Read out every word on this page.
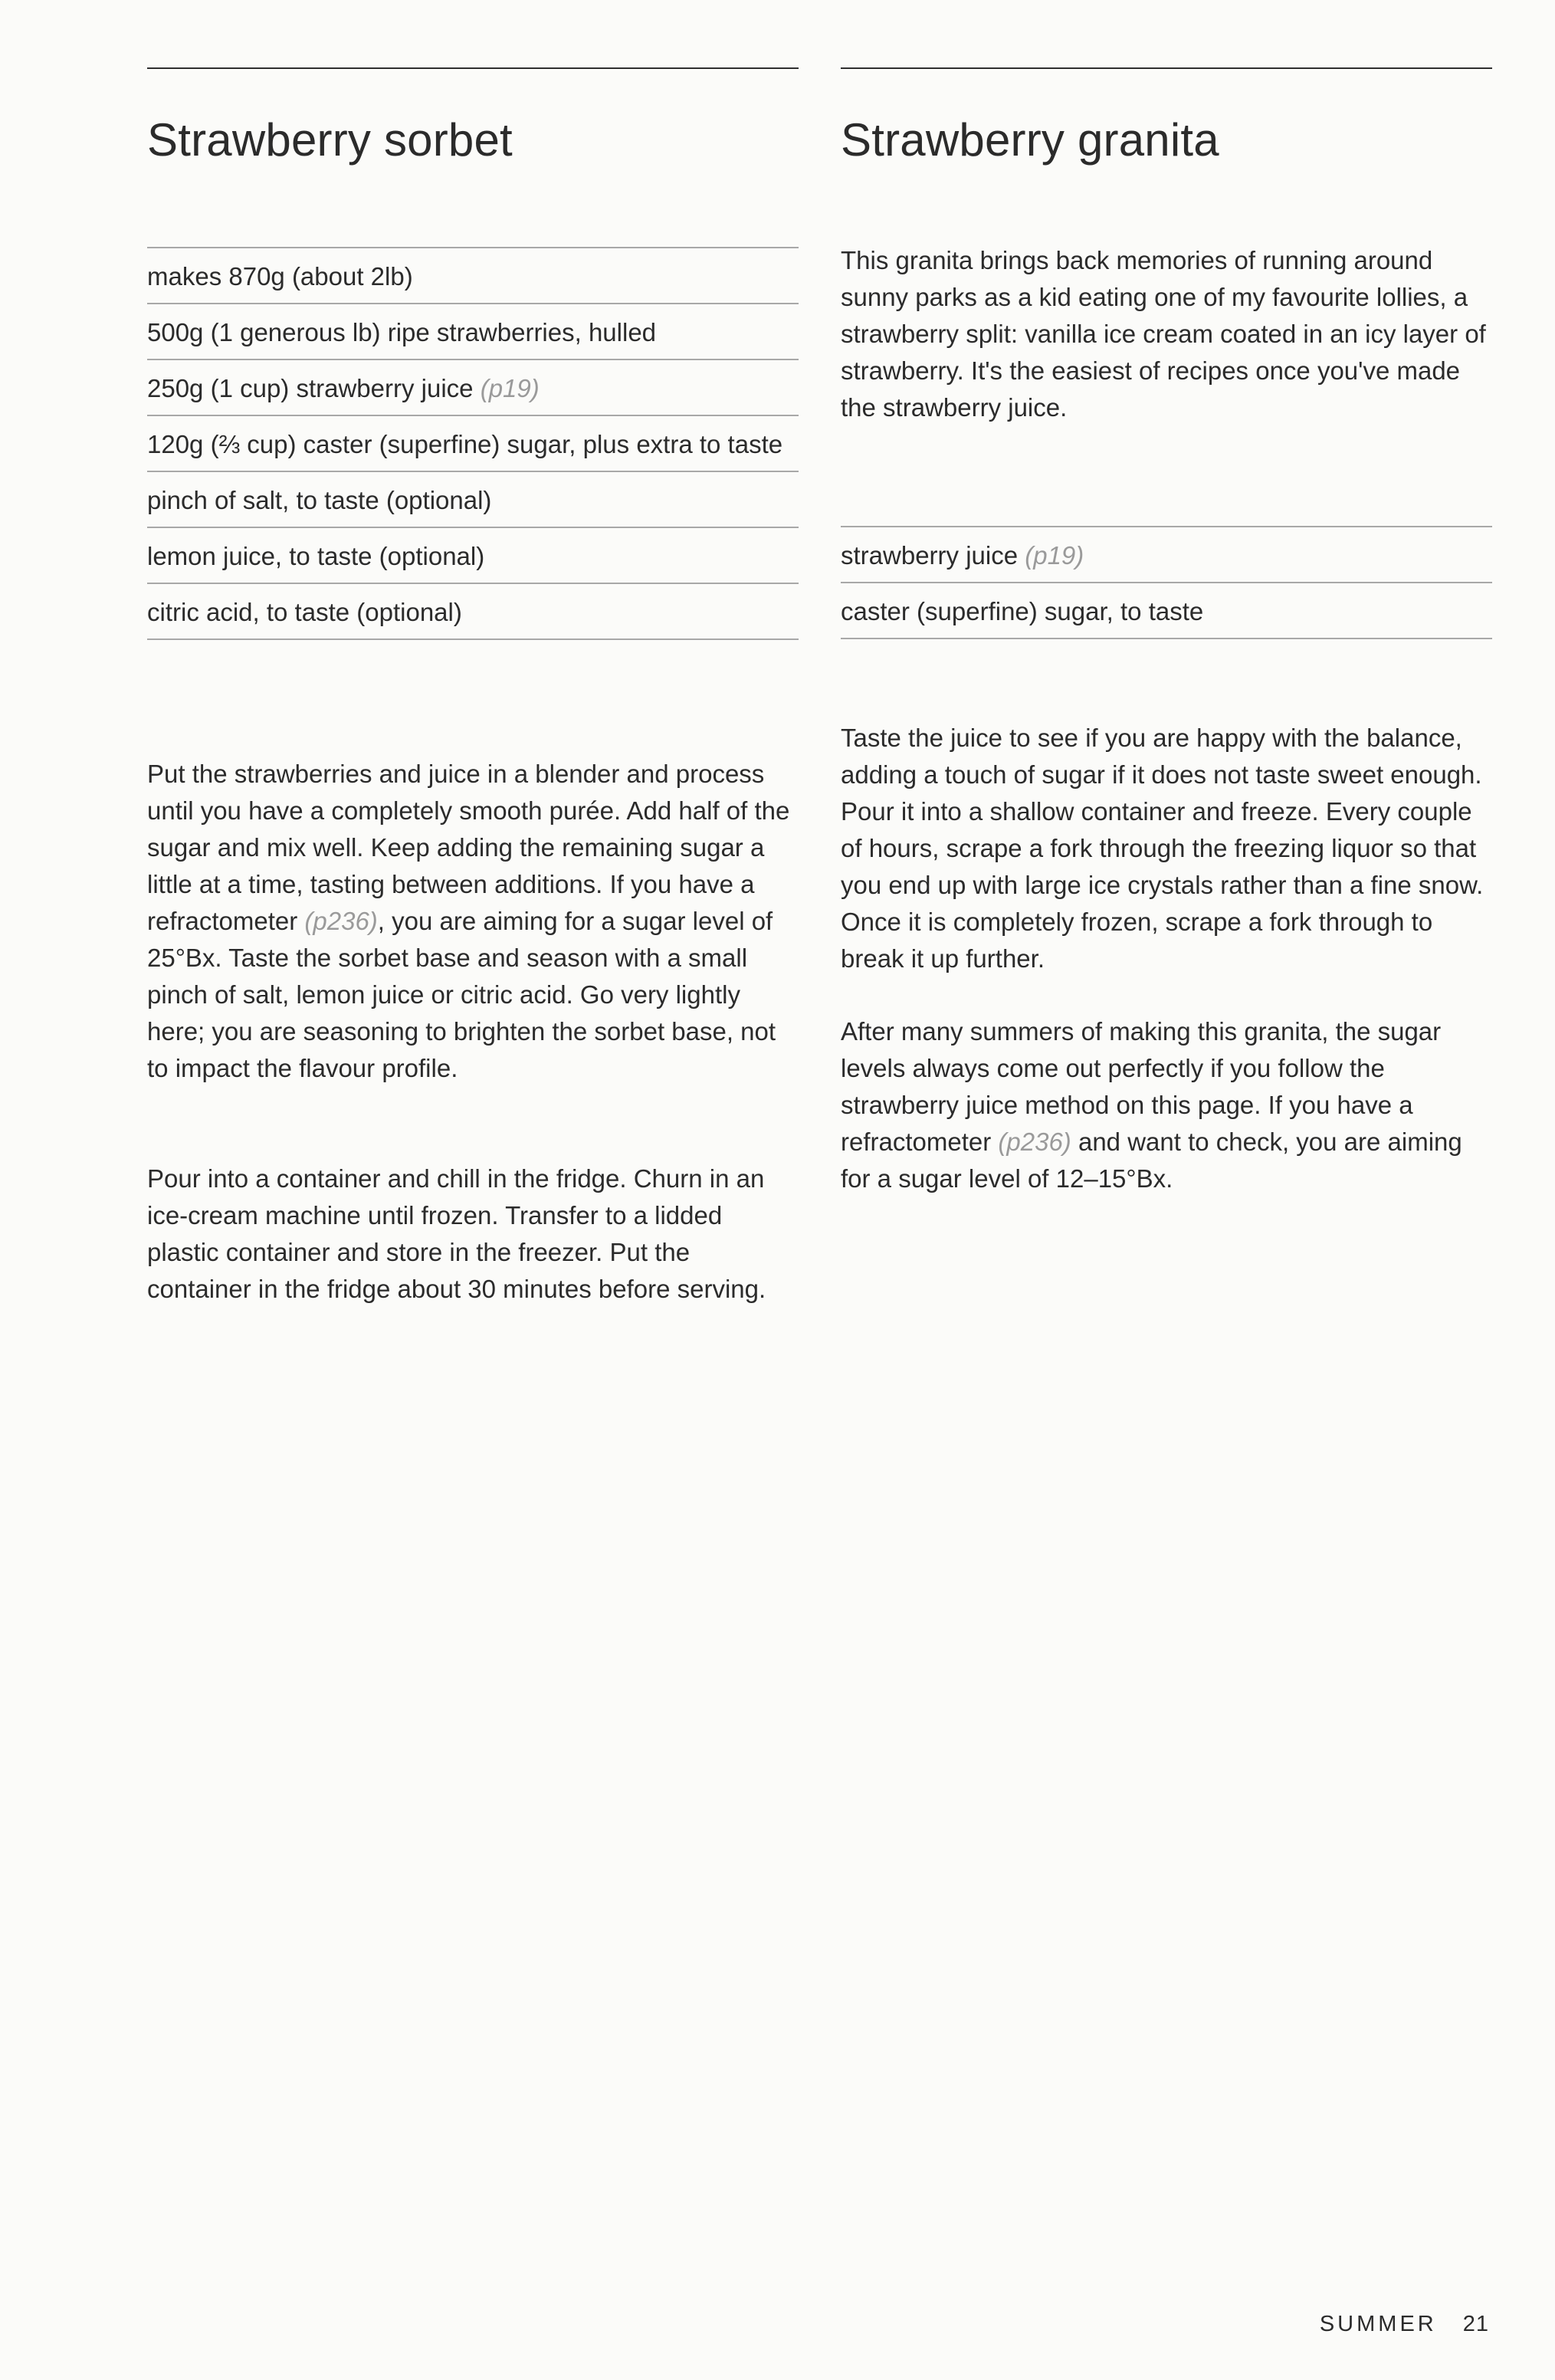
Strawberry sorbet
makes 870g (about 2lb)
500g (1 generous lb) ripe strawberries, hulled
250g (1 cup) strawberry juice (p19)
120g (⅔ cup) caster (superfine) sugar, plus extra to taste
pinch of salt, to taste (optional)
lemon juice, to taste (optional)
citric acid, to taste (optional)

Put the strawberries and juice in a blender and process until you have a completely smooth purée. Add half of the sugar and mix well. Keep adding the remaining sugar a little at a time, tasting between additions. If you have a refractometer (p236), you are aiming for a sugar level of 25°Bx. Taste the sorbet base and season with a small pinch of salt, lemon juice or citric acid. Go very lightly here; you are seasoning to brighten the sorbet base, not to impact the flavour profile.

Pour into a container and chill in the fridge. Churn in an ice-cream machine until frozen. Transfer to a lidded plastic container and store in the freezer. Put the container in the fridge about 30 minutes before serving.

Strawberry granita

This granita brings back memories of running around sunny parks as a kid eating one of my favourite lollies, a strawberry split: vanilla ice cream coated in an icy layer of strawberry. It's the easiest of recipes once you've made the strawberry juice.

strawberry juice (p19)
caster (superfine) sugar, to taste

Taste the juice to see if you are happy with the balance, adding a touch of sugar if it does not taste sweet enough. Pour it into a shallow container and freeze. Every couple of hours, scrape a fork through the freezing liquor so that you end up with large ice crystals rather than a fine snow. Once it is completely frozen, scrape a fork through to break it up further.

After many summers of making this granita, the sugar levels always come out perfectly if you follow the strawberry juice method on this page. If you have a refractometer (p236) and want to check, you are aiming for a sugar level of 12–15°Bx.

SUMMER 21
